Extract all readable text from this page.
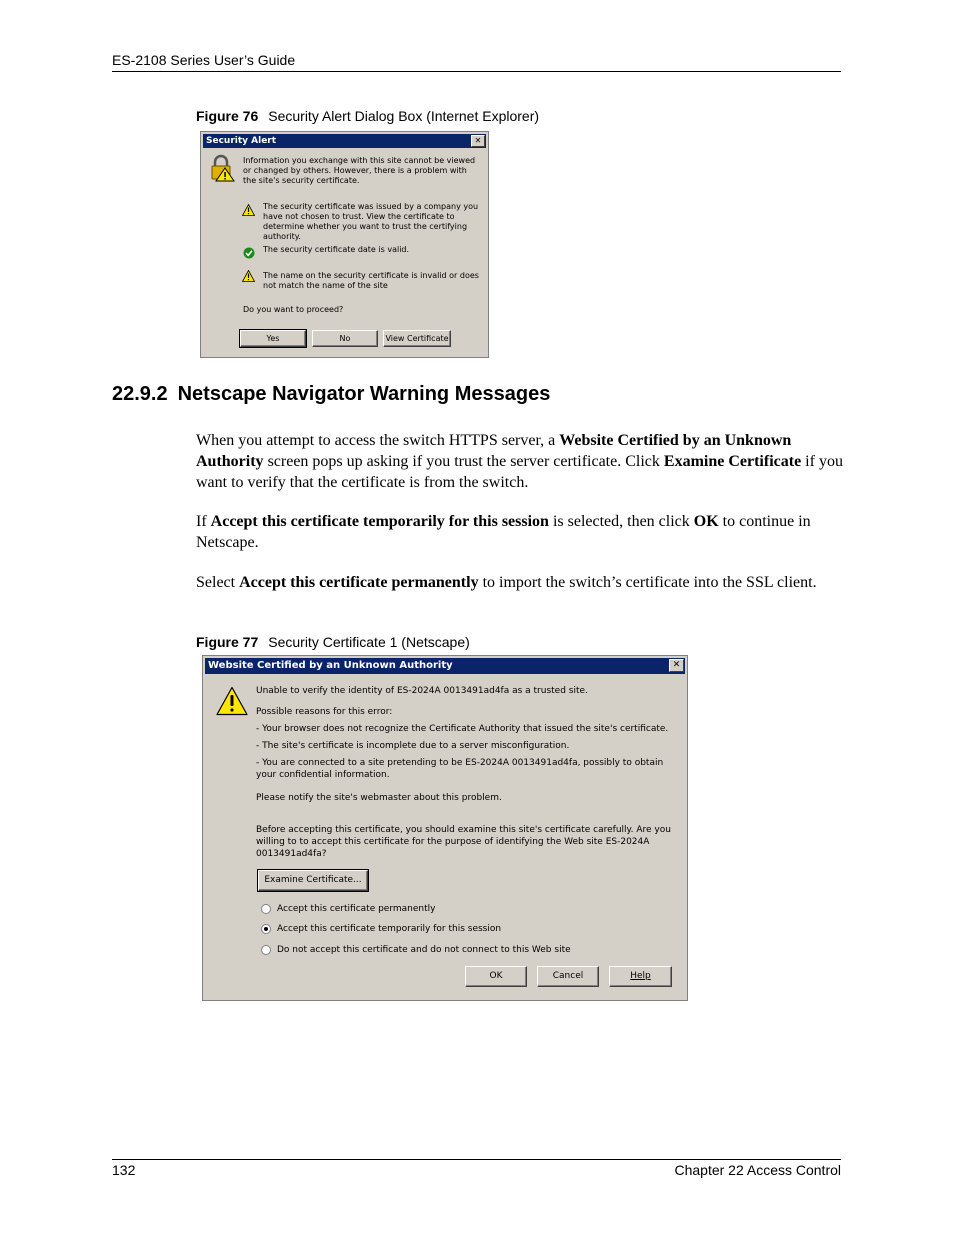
ES-2108 Series User’s Guide
Figure 76 Security Alert Dialog Box (Internet Explorer)
Security Alert	✕
Information you exchange with this site cannot be viewed or changed by others. However, there is a problem with the site's security certificate.
The security certificate was issued by a company you have not chosen to trust. View the certificate to determine whether you want to trust the certifying authority.
The security certificate date is valid.
The name on the security certificate is invalid or does not match the name of the site
Do you want to proceed?
Yes	No	View Certificate
22.9.2 Netscape Navigator Warning Messages
When you attempt to access the switch HTTPS server, a Website Certified by an Unknown Authority screen pops up asking if you trust the server certificate. Click Examine Certificate if you want to verify that the certificate is from the switch.
If Accept this certificate temporarily for this session is selected, then click OK to continue in Netscape.
Select Accept this certificate permanently to import the switch’s certificate into the SSL client.
Figure 77 Security Certificate 1 (Netscape)
Website Certified by an Unknown Authority	✕
Unable to verify the identity of ES-2024A 0013491ad4fa as a trusted site.
Possible reasons for this error:
- Your browser does not recognize the Certificate Authority that issued the site's certificate.
- The site's certificate is incomplete due to a server misconfiguration.
- You are connected to a site pretending to be ES-2024A 0013491ad4fa, possibly to obtain your confidential information.
Please notify the site's webmaster about this problem.
Before accepting this certificate, you should examine this site's certificate carefully. Are you willing to to accept this certificate for the purpose of identifying the Web site ES-2024A 0013491ad4fa?
Examine Certificate...
Accept this certificate permanently
Accept this certificate temporarily for this session
Do not accept this certificate and do not connect to this Web site
OK	Cancel	Help
132	Chapter 22 Access Control
